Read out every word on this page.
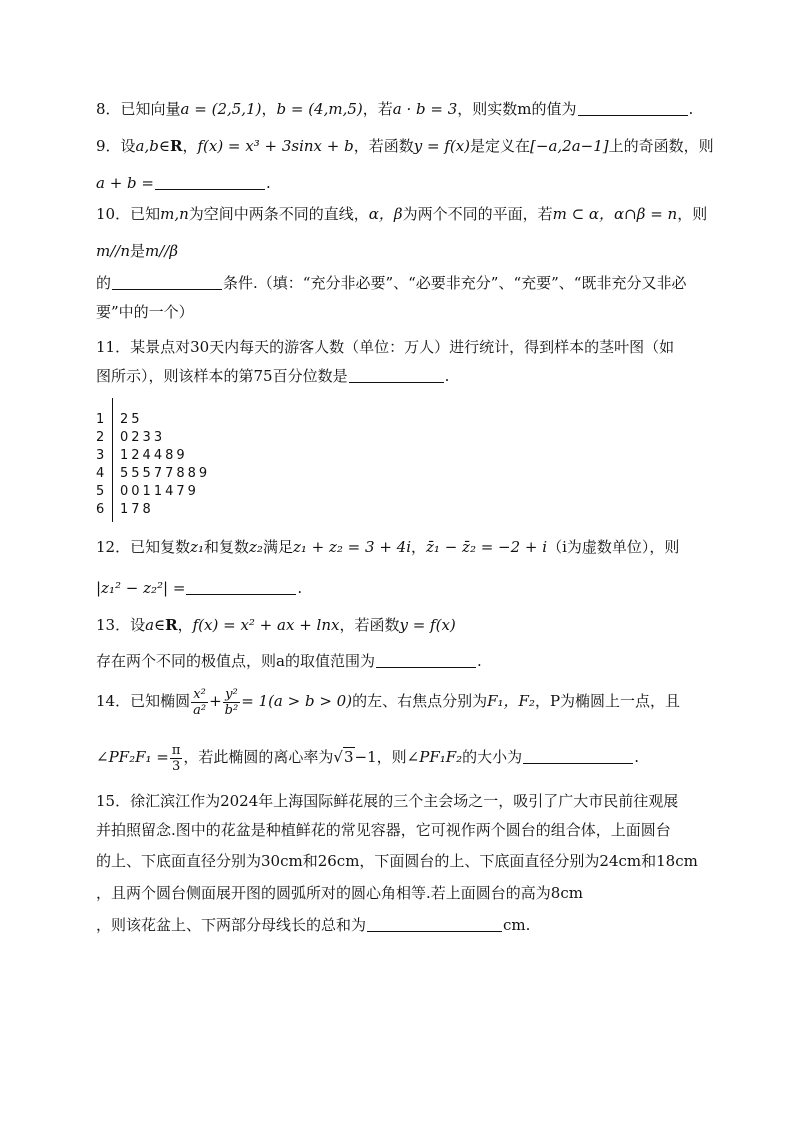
8．已知向量a = (2,5,1)，b = (4,m,5)，若a · b = 3，则实数m的值为	.
9．设a,b∈R，f(x) = x³ + 3sinx + b，若函数y = f(x)是定义在[−a,2a−1]上的奇函数，则
a + b =	.
10．已知m,n为空间中两条不同的直线，α，β为两个不同的平面，若m ⊂ α，α∩β = n，则
m//n是m//β
的	条件.（填：“充分非必要”、“必要非充分”、“充要”、“既非充分又非必
要”中的一个）
11．某景点对30天内每天的游客人数（单位：万人）进行统计，得到样本的茎叶图（如
图所示），则该样本的第75百分位数是	.
1 25
2 0233
3 124489
4 55577889
5 0011479
6 178
12．已知复数z₁和复数z₂满足z₁ + z₂ = 3 + 4i，z̄₁ − z̄₂ = −2 + i（i为虚数单位），则
|z₁² − z₂²| =	.
13．设a∈R，f(x) = x² + ax + lnx，若函数y = f(x)
存在两个不同的极值点，则a的取值范围为	.
14．已知椭圆 $\frac{\text{x²}}{\text{a²}} + \frac{\text{y²}}{\text{b²}} = 1(a > b > 0)$的左、右焦点分别为F₁，F₂，P为椭圆上一点，且
∠PF₂F₁ = $\frac{\pi}{3}$ ，若此椭圆的离心率为√3−1，则∠PF₁F₂的大小为	.
15．徐汇滨江作为2024年上海国际鲜花展的三个主会场之一，吸引了广大市民前往观展
并拍照留念.图中的花盆是种植鲜花的常见容器，它可视作两个圆台的组合体，上面圆台
的上、下底面直径分别为30cm和26cm，下面圆台的上、下底面直径分别为24cm和18cm
，且两个圆台侧面展开图的圆弧所对的圆心角相等.若上面圆台的高为8cm
，则该花盆上、下两部分母线长的总和为	cm.
